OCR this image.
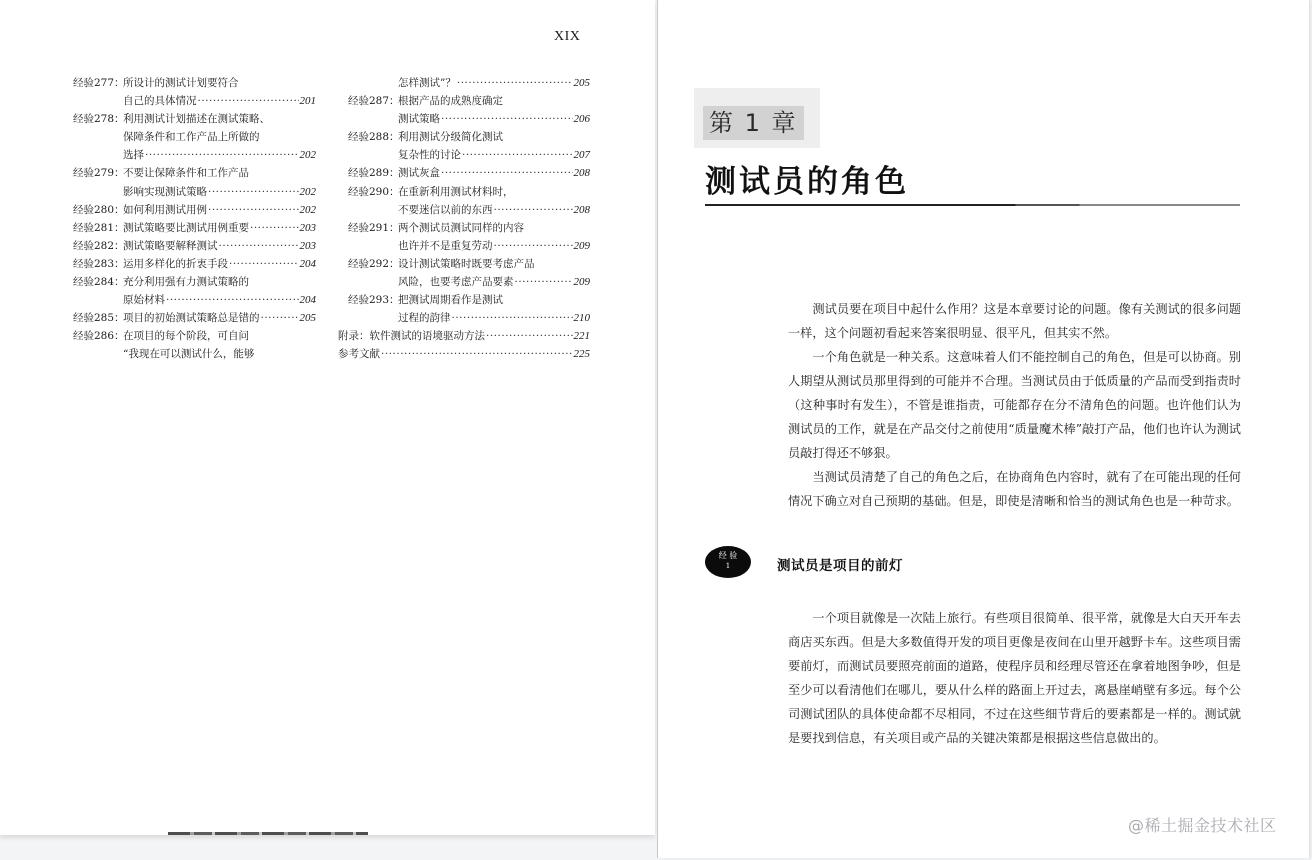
XIX
经验277：
所设计的测试计划要符合
自己的具体情况 ·····	201
经验278：
利用测试计划描述在测试策略、
保障条件和工作产品上所做的
选择 ·····	202
经验279：
不要让保障条件和工作产品
影响实现测试策略 ·····	202
经验280：
如何利用测试用例 ·····	202
经验281：
测试策略要比测试用例重要 ·····	203
经验282：
测试策略要解释测试 ·····	203
经验283：
运用多样化的折衷手段 ·····	204
经验284：
充分利用强有力测试策略的
原始材料 ·····	204
经验285：
项目的初始测试策略总是错的 ·····	205
经验286：
在项目的每个阶段，可自问
“我现在可以测试什么，能够
怎样测试”？ ·····	205
经验287：
根据产品的成熟度确定
测试策略 ·····	206
经验288：
利用测试分级简化测试
复杂性的讨论 ·····	207
经验289：
测试灰盒 ·····	208
经验290：
在重新利用测试材料时，
不要迷信以前的东西 ·····	208
经验291：
两个测试员测试同样的内容
也许并不是重复劳动 ·····	209
经验292：
设计测试策略时既要考虑产品
风险，也要考虑产品要素 ·····	209
经验293：
把测试周期看作是测试
过程的韵律 ·····	210
附录：软件测试的语境驱动方法 ·····	221
参考文献 ·····	225
第 1 章
测试员的角色

测试员要在项目中起什么作用？这是本章要讨论的问题。像有关测试的很多问题一样，这个问题初看起来答案很明显、很平凡，但其实不然。

一个角色就是一种关系。这意味着人们不能控制自己的角色，但是可以协商。别人期望从测试员那里得到的可能并不合理。当测试员由于低质量的产品而受到指责时（这种事时有发生），不管是谁指责，可能都存在分不清角色的问题。也许他们认为测试员的工作，就是在产品交付之前使用“质量魔术棒”敲打产品，他们也许认为测试员敲打得还不够狠。

当测试员清楚了自己的角色之后，在协商角色内容时，就有了在可能出现的任何情况下确立对自己预期的基础。但是，即使是清晰和恰当的测试角色也是一种苛求。

经 验
1	测试员是项目的前灯

一个项目就像是一次陆上旅行。有些项目很简单、很平常，就像是大白天开车去商店买东西。但是大多数值得开发的项目更像是夜间在山里开越野卡车。这些项目需要前灯，而测试员要照亮前面的道路，使程序员和经理尽管还在拿着地图争吵，但是至少可以看清他们在哪儿，要从什么样的路面上开过去，离悬崖峭壁有多远。每个公司测试团队的具体使命都不尽相同，不过在这些细节背后的要素都是一样的。测试就是要找到信息，有关项目或产品的关键决策都是根据这些信息做出的。

@稀土掘金技术社区
